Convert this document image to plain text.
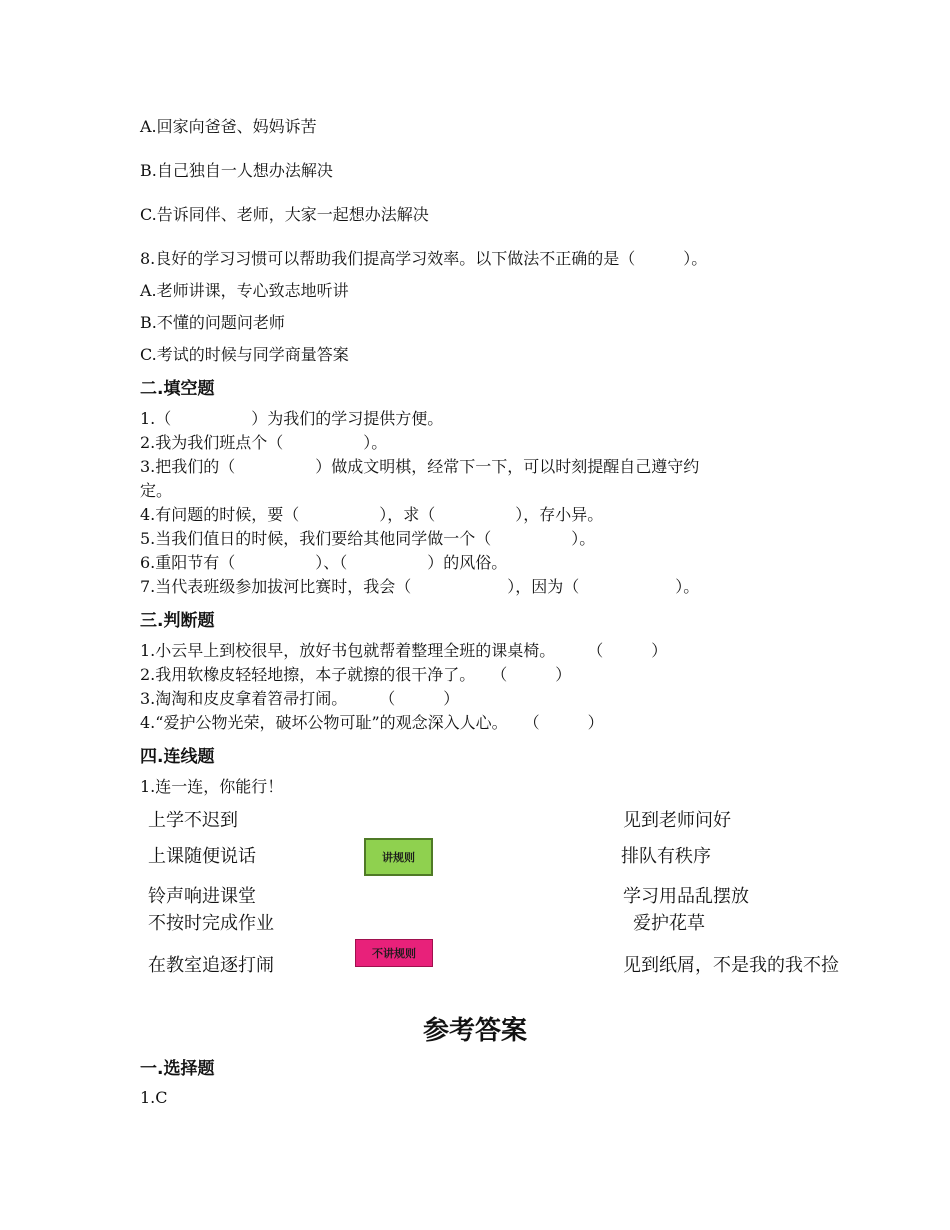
A.回家向爸爸、妈妈诉苦
B.自己独自一人想办法解决
C.告诉同伴、老师，大家一起想办法解决
8.良好的学习习惯可以帮助我们提高学习效率。以下做法不正确的是（　　　）。
A.老师讲课，专心致志地听讲
B.不懂的问题问老师
C.考试的时候与同学商量答案
二.填空题
1.（　　　　　）为我们的学习提供方便。
2.我为我们班点个（　　　　　）。
3.把我们的（　　　　　）做成文明棋，经常下一下，可以时刻提醒自己遵守约
定。
4.有问题的时候，要（　　　　　），求（　　　　　），存小异。
5.当我们值日的时候，我们要给其他同学做一个（　　　　　）。
6.重阳节有（　　　　　）、（　　　　　）的风俗。
7.当代表班级参加拔河比赛时，我会（　　　　　　），因为（　　　　　　）。
三.判断题
1.小云早上到校很早，放好书包就帮着整理全班的课桌椅。　　　（　　　）
2.我用软橡皮轻轻地擦，本子就擦的很干净了。　　（　　　）
3.淘淘和皮皮拿着笤帚打闹。　　　（　　　）
4.“爱护公物光荣，破坏公物可耻”的观念深入人心。　　（　　　）
四.连线题
1.连一连，你能行！
上学不迟到
上课随便说话
铃声响进课堂
不按时完成作业
在教室追逐打闹
讲规则
不讲规则
见到老师问好
排队有秩序
学习用品乱摆放
爱护花草
见到纸屑，不是我的我不捡
参考答案
一.选择题
1.C
